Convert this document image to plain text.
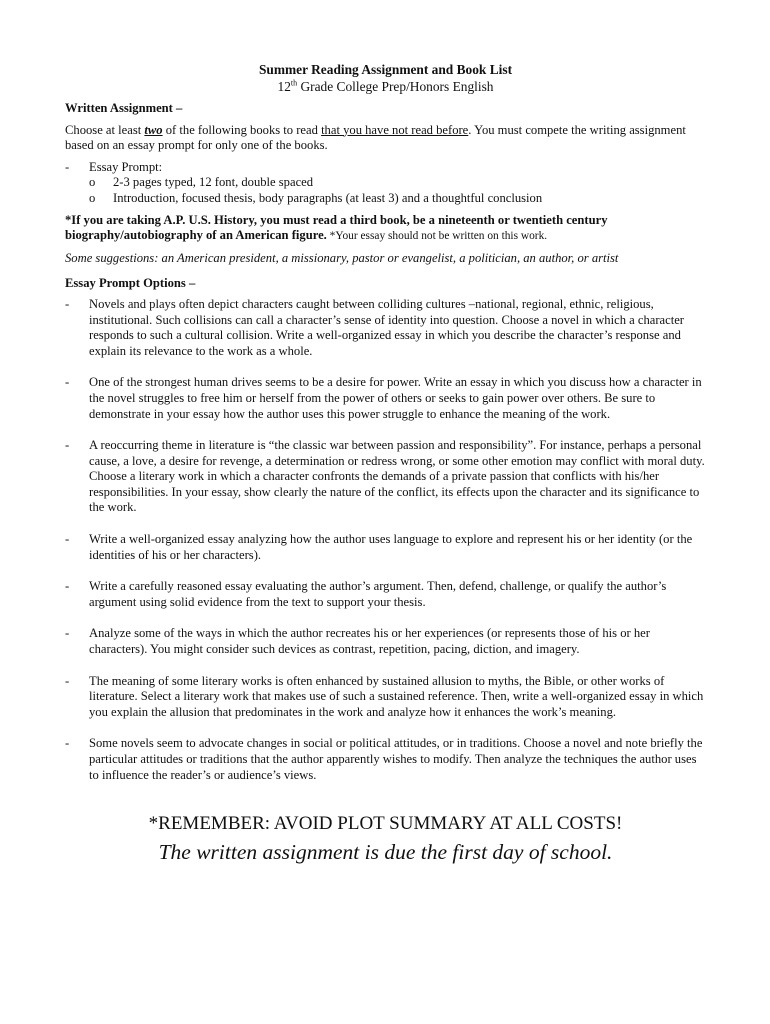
Summer Reading Assignment and Book List
12th Grade College Prep/Honors English
Written Assignment –
Choose at least two of the following books to read that you have not read before. You must compete the writing assignment based on an essay prompt for only one of the books.
- Essay Prompt:
o 2-3 pages typed, 12 font, double spaced
o Introduction, focused thesis, body paragraphs (at least 3) and a thoughtful conclusion
*If you are taking A.P. U.S. History, you must read a third book, be a nineteenth or twentieth century biography/autobiography of an American figure. *Your essay should not be written on this work.
Some suggestions: an American president, a missionary, pastor or evangelist, a politician, an author, or artist
Essay Prompt Options –
- Novels and plays often depict characters caught between colliding cultures –national, regional, ethnic, religious, institutional. Such collisions can call a character’s sense of identity into question. Choose a novel in which a character responds to such a cultural collision. Write a well-organized essay in which you describe the character’s response and explain its relevance to the work as a whole.
- One of the strongest human drives seems to be a desire for power. Write an essay in which you discuss how a character in the novel struggles to free him or herself from the power of others or seeks to gain power over others. Be sure to demonstrate in your essay how the author uses this power struggle to enhance the meaning of the work.
- A reoccurring theme in literature is “the classic war between passion and responsibility”. For instance, perhaps a personal cause, a love, a desire for revenge, a determination or redress wrong, or some other emotion may conflict with moral duty. Choose a literary work in which a character confronts the demands of a private passion that conflicts with his/her responsibilities. In your essay, show clearly the nature of the conflict, its effects upon the character and its significance to the work.
- Write a well-organized essay analyzing how the author uses language to explore and represent his or her identity (or the identities of his or her characters).
- Write a carefully reasoned essay evaluating the author’s argument. Then, defend, challenge, or qualify the author’s argument using solid evidence from the text to support your thesis.
- Analyze some of the ways in which the author recreates his or her experiences (or represents those of his or her characters). You might consider such devices as contrast, repetition, pacing, diction, and imagery.
- The meaning of some literary works is often enhanced by sustained allusion to myths, the Bible, or other works of literature. Select a literary work that makes use of such a sustained reference. Then, write a well-organized essay in which you explain the allusion that predominates in the work and analyze how it enhances the work’s meaning.
- Some novels seem to advocate changes in social or political attitudes, or in traditions. Choose a novel and note briefly the particular attitudes or traditions that the author apparently wishes to modify. Then analyze the techniques the author uses to influence the reader’s or audience’s views.
*REMEMBER: AVOID PLOT SUMMARY AT ALL COSTS!
The written assignment is due the first day of school.
